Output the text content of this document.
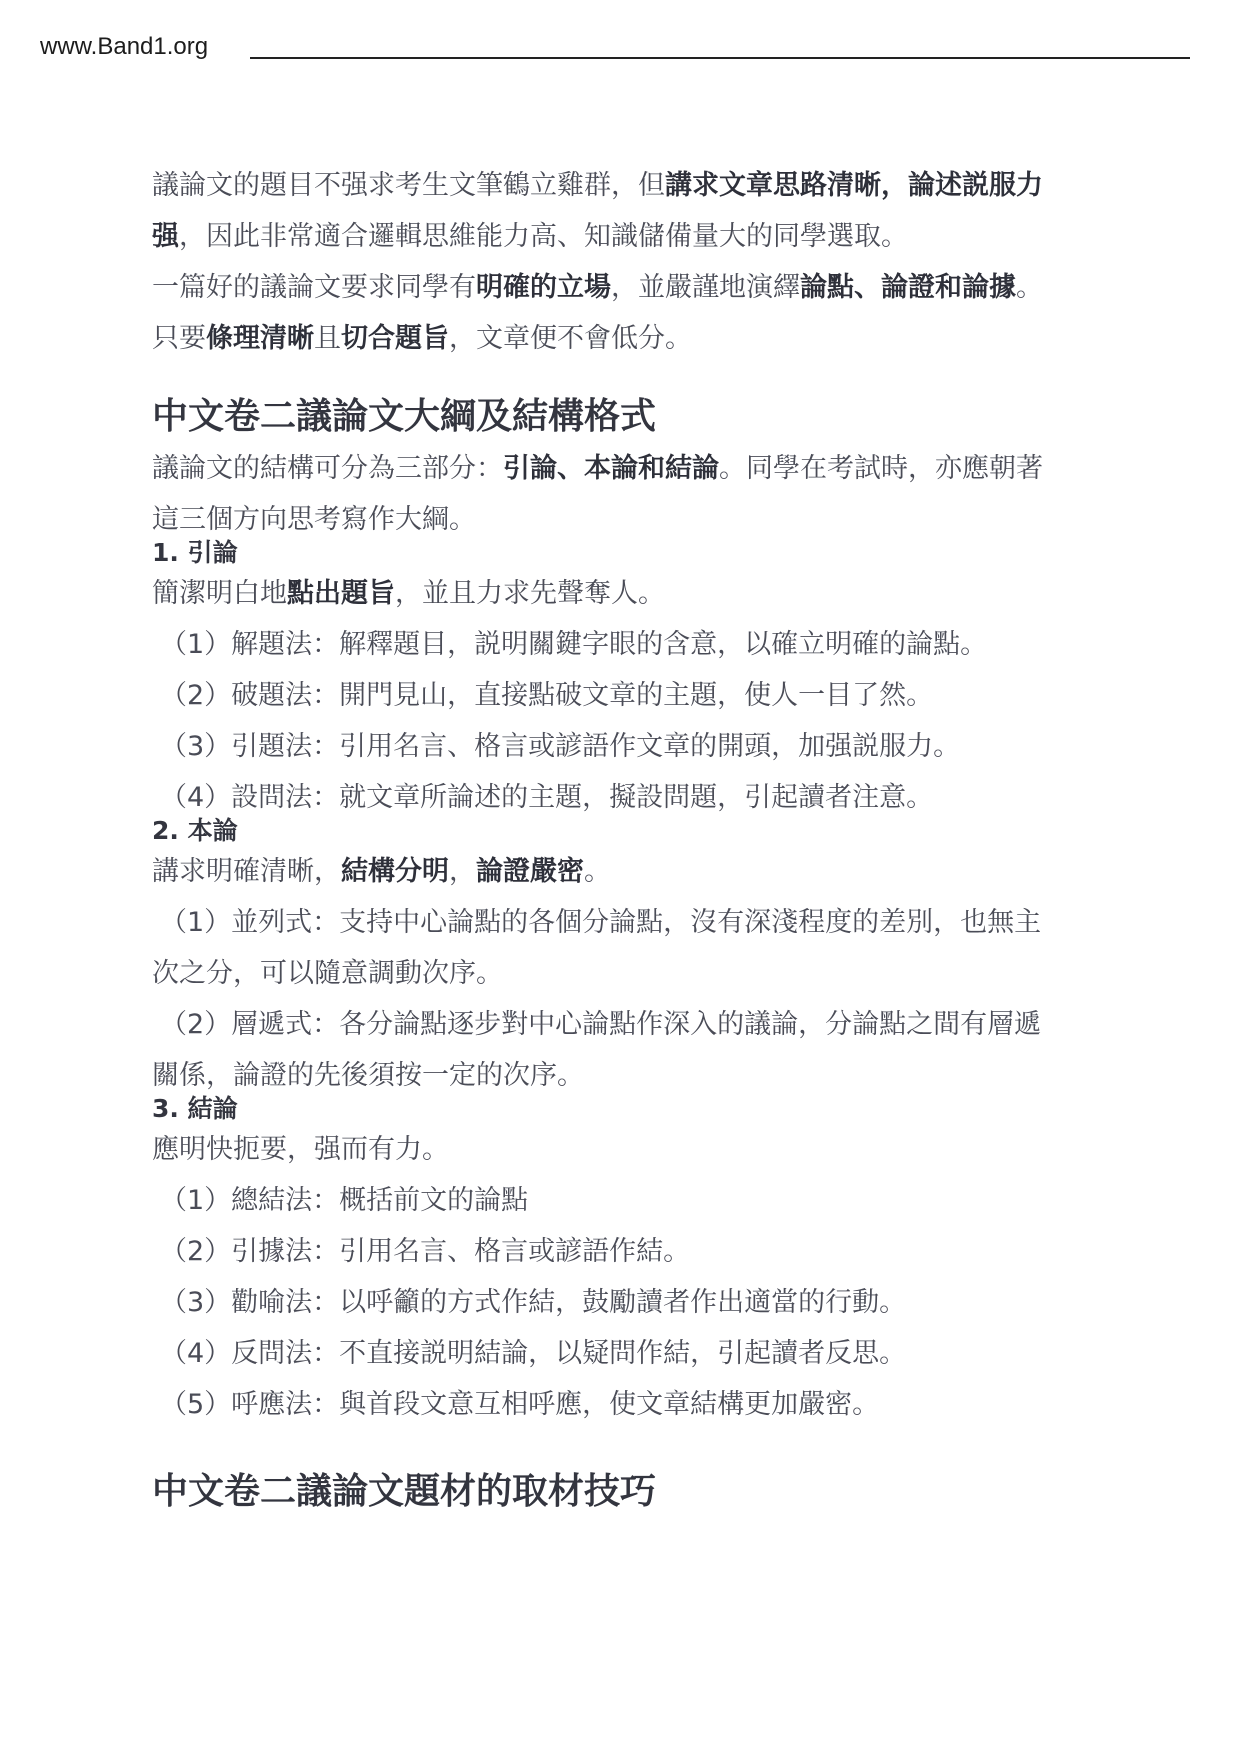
www.Band1.org

議論文的題目不强求考生文筆鶴立雞群，但講求文章思路清晰，論述説服力
强，因此非常適合邏輯思維能力高、知識儲備量大的同學選取。

一篇好的議論文要求同學有明確的立場，並嚴謹地演繹論點、論證和論據。

只要條理清晰且切合題旨，文章便不會低分。

中文卷二議論文大綱及結構格式

議論文的結構可分為三部分：引論、本論和結論。同學在考試時，亦應朝著
這三個方向思考寫作大綱。

1. 引論

簡潔明白地點出題旨，並且力求先聲奪人。

（1）解題法：解釋題目，説明關鍵字眼的含意，以確立明確的論點。

（2）破題法：開門見山，直接點破文章的主題，使人一目了然。

（3）引題法：引用名言、格言或諺語作文章的開頭，加强説服力。

（4）設問法：就文章所論述的主題，擬設問題，引起讀者注意。

2. 本論

講求明確清晰，結構分明，論證嚴密。

（1）並列式：支持中心論點的各個分論點，沒有深淺程度的差別，也無主
次之分，可以隨意調動次序。

（2）層遞式：各分論點逐步對中心論點作深入的議論，分論點之間有層遞
關係，論證的先後須按一定的次序。

3. 結論

應明快扼要，强而有力。

（1）總結法：概括前文的論點

（2）引據法：引用名言、格言或諺語作結。

（3）勸喻法：以呼籲的方式作結，鼓勵讀者作出適當的行動。

（4）反問法：不直接説明結論，以疑問作結，引起讀者反思。

（5）呼應法：與首段文意互相呼應，使文章結構更加嚴密。

中文卷二議論文題材的取材技巧
